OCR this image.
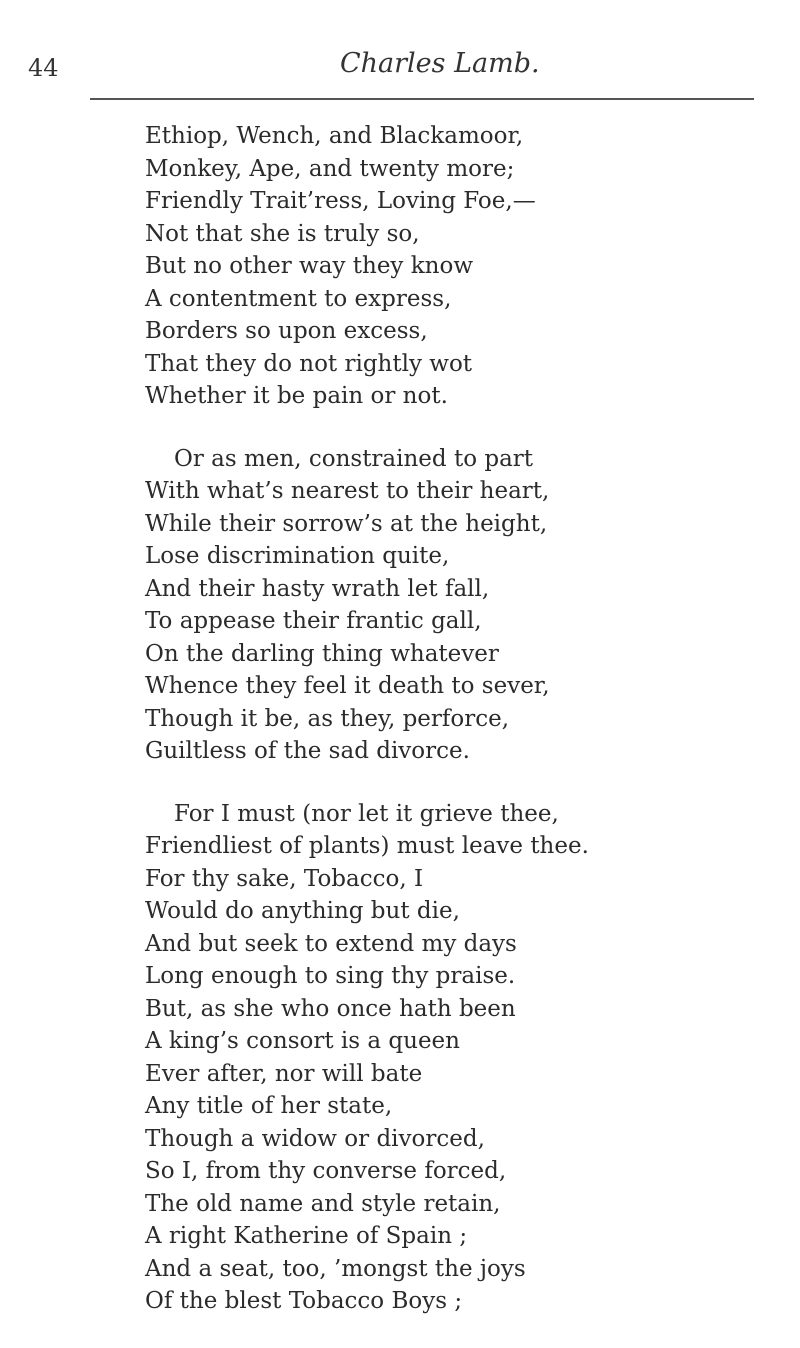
44	Charles Lamb.
Ethiop, Wench, and Blackamoor,
Monkey, Ape, and twenty more;
Friendly Trait’ress, Loving Foe,—
Not that she is truly so,
But no other way they know
A contentment to express,
Borders so upon excess,
That they do not rightly wot
Whether it be pain or not.
Or as men, constrained to part
With what’s nearest to their heart,
While their sorrow’s at the height,
Lose discrimination quite,
And their hasty wrath let fall,
To appease their frantic gall,
On the darling thing whatever
Whence they feel it death to sever,
Though it be, as they, perforce,
Guiltless of the sad divorce.
For I must (nor let it grieve thee,
Friendliest of plants) must leave thee.
For thy sake, Tobacco, I
Would do anything but die,
And but seek to extend my days
Long enough to sing thy praise.
But, as she who once hath been
A king’s consort is a queen
Ever after, nor will bate
Any title of her state,
Though a widow or divorced,
So I, from thy converse forced,
The old name and style retain,
A right Katherine of Spain ;
And a seat, too, ’mongst the joys
Of the blest Tobacco Boys ;
